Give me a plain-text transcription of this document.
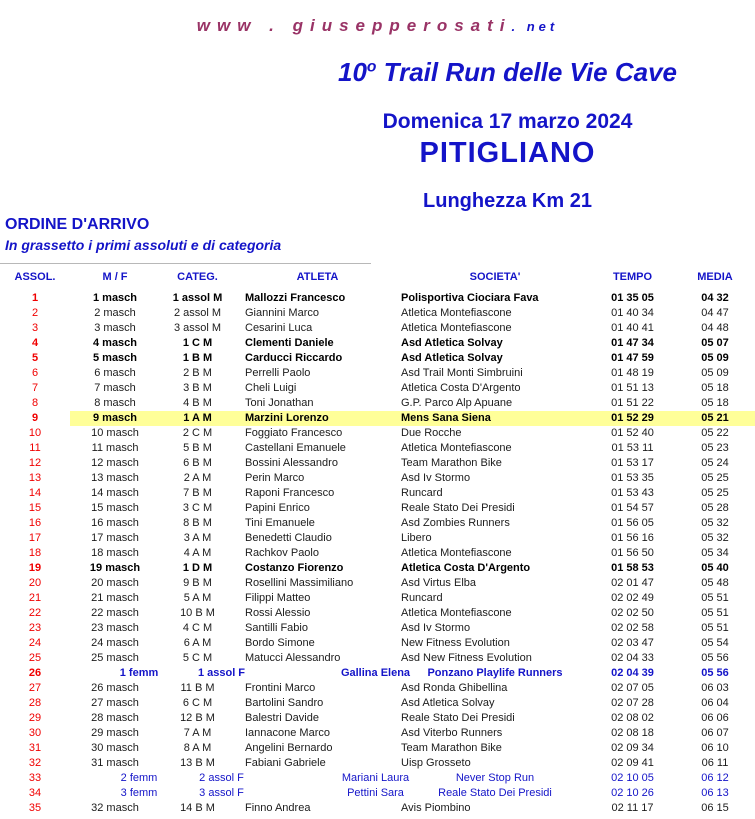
www . giusepperosati. net
10$^o$ Trail Run delle Vie Cave
Domenica 17 marzo 2024
PITIGLIANO
Lunghezza Km 21
ORDINE D'ARRIVO
In grassetto i primi assoluti e di categoria
ASSOL.	M / F	CATEG.	ATLETA	SOCIETA'	TEMPO	MEDIA
1	1 masch	1 assol M	Mallozzi Francesco	Polisportiva Ciociara Fava	01 35 05	04 32
2	2 masch	2 assol M	Giannini Marco	Atletica Montefiascone	01 40 34	04 47
3	3 masch	3 assol M	Cesarini Luca	Atletica Montefiascone	01 40 41	04 48
4	4 masch	1 C M	Clementi Daniele	Asd Atletica Solvay	01 47 34	05 07
5	5 masch	1 B M	Carducci Riccardo	Asd Atletica Solvay	01 47 59	05 09
6	6 masch	2 B M	Perrelli Paolo	Asd Trail Monti Simbruini	01 48 19	05 09
7	7 masch	3 B M	Cheli Luigi	Atletica Costa D'Argento	01 51 13	05 18
8	8 masch	4 B M	Toni Jonathan	G.P. Parco Alp Apuane	01 51 22	05 18
9	9 masch	1 A M	Marzini Lorenzo	Mens Sana Siena	01 52 29	05 21
10	10 masch	2 C M	Foggiato Francesco	Due Rocche	01 52 40	05 22
11	11 masch	5 B M	Castellani Emanuele	Atletica Montefiascone	01 53 11	05 23
12	12 masch	6 B M	Bossini Alessandro	Team Marathon Bike	01 53 17	05 24
13	13 masch	2 A M	Perin Marco	Asd Iv Stormo	01 53 35	05 25
14	14 masch	7 B M	Raponi Francesco	Runcard	01 53 43	05 25
15	15 masch	3 C M	Papini Enrico	Reale Stato Dei Presidi	01 54 57	05 28
16	16 masch	8 B M	Tini Emanuele	Asd Zombies Runners	01 56 05	05 32
17	17 masch	3 A M	Benedetti Claudio	Libero	01 56 16	05 32
18	18 masch	4 A M	Rachkov Paolo	Atletica Montefiascone	01 56 50	05 34
19	19 masch	1 D M	Costanzo Fiorenzo	Atletica Costa D'Argento	01 58 53	05 40
20	20 masch	9 B M	Rosellini Massimiliano	Asd Virtus Elba	02 01 47	05 48
21	21 masch	5 A M	Filippi Matteo	Runcard	02 02 49	05 51
22	22 masch	10 B M	Rossi Alessio	Atletica Montefiascone	02 02 50	05 51
23	23 masch	4 C M	Santilli Fabio	Asd Iv Stormo	02 02 58	05 51
24	24 masch	6 A M	Bordo Simone	New Fitness Evolution	02 03 47	05 54
25	25 masch	5 C M	Matucci Alessandro	Asd New Fitness Evolution	02 04 33	05 56
26	1 femm	1 assol F	Gallina Elena	Ponzano Playlife Runners	02 04 39	05 56
27	26 masch	11 B M	Frontini Marco	Asd Ronda Ghibellina	02 07 05	06 03
28	27 masch	6 C M	Bartolini Sandro	Asd Atletica Solvay	02 07 28	06 04
29	28 masch	12 B M	Balestri Davide	Reale Stato Dei Presidi	02 08 02	06 06
30	29 masch	7 A M	Iannacone Marco	Asd Viterbo Runners	02 08 18	06 07
31	30 masch	8 A M	Angelini Bernardo	Team Marathon Bike	02 09 34	06 10
32	31 masch	13 B M	Fabiani Gabriele	Uisp Grosseto	02 09 41	06 11
33	2 femm	2 assol F	Mariani Laura	Never Stop Run	02 10 05	06 12
34	3 femm	3 assol F	Pettini Sara	Reale Stato Dei Presidi	02 10 26	06 13
35	32 masch	14 B M	Finno Andrea	Avis Piombino	02 11 17	06 15
